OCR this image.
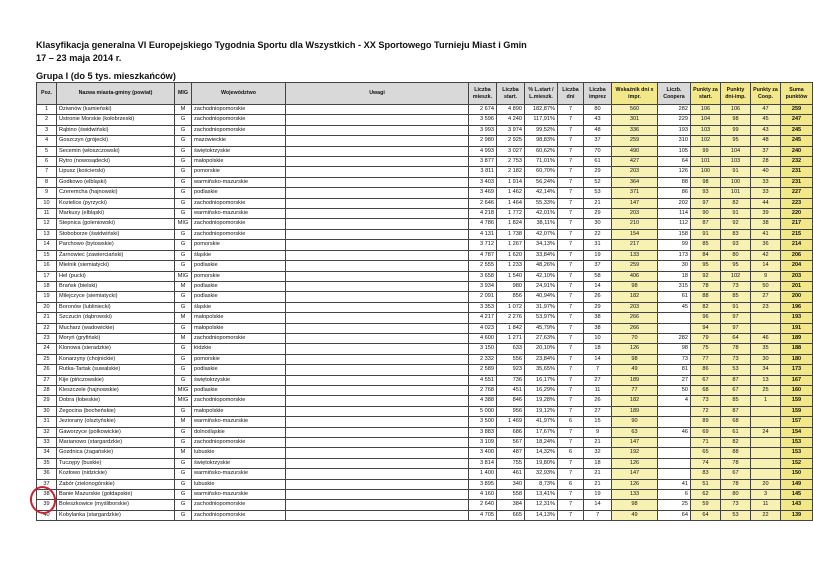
Klasyfikacja generalna VI Europejskiego Tygodnia Sportu dla Wszystkich - XX Sportowego Turnieju Miast i Gmin
17 – 23 maja 2014 r.
Grupa I (do 5 tys. mieszkańców)
Poz.	Nazwa miasta-gminy (powiat)	MIG	Województwo	Uwagi	Liczba mieszk.	Liczba start.	% L.start / L.mieszk.	Liczba dni	Liczba imprez	Wskaźnik dni x impr.	Liczb. Coopera	Punkty za start.	Punkty dni-imp.	Punkty za Coop.	Suma punktów
1	Dziwnów (kamieński)	M	zachodniopomorskie		2 674	4 890	182,87%	7	80	560	282	106	106	47	259
2	Ustronie Morskie (kołobrzeski)	G	zachodniopomorskie		3 596	4 240	117,91%	7	43	301	229	104	98	45	247
3	Rąbino (świdwiński)	G	zachodniopomorskie		3 993	3 974	99,52%	7	48	336	193	103	99	43	245
4	Goszczyn (grójecki)	G	mazowieckie		2 980	2 925	98,83%	7	37	259	310	102	95	48	245
5	Secemin (włoszczowski)	G	świętokrzyskie		4 993	3 027	60,62%	7	70	490	105	99	104	37	240
6	Rytro (nowosądecki)	G	małopolskie		3 877	2 753	71,01%	7	61	427	64	101	103	28	232
7	Lipusz (kościerski)	G	pomorskie		3 811	2 182	60,70%	7	29	203	126	100	91	40	231
8	Godkowo (elbląski)	G	warmińsko-mazurskie		3 403	1 914	56,24%	7	52	364	88	98	100	33	231
9	Czeremcha (hajnowski)	G	podlaskie		3 469	1 462	42,14%	7	53	371	86	93	101	33	227
10	Kozielice (pyrzycki)	G	zachodniopomorskie		2 646	1 464	55,33%	7	21	147	202	97	82	44	223
11	Markusy (elbląski)	G	warmińsko-mazurskie		4 218	1 772	42,01%	7	29	203	114	90	91	39	220
12	Stepnica (goleniowski)	MIG	zachodniopomorskie		4 786	1 824	38,11%	7	30	210	112	87	92	38	217
13	Stoboborze (świdwiński)	G	zachodniopomorskie		4 131	1 738	42,07%	7	22	154	158	91	83	41	215
14	Parchowo (bytowskie)	G	pomorskie		3 712	1 267	34,13%	7	31	217	99	85	93	36	214
15	Żarnowiec (zawierciański)	G	śląskie		4 787	1 620	33,84%	7	19	133	173	84	80	42	206
16	Mielnik (siemiatycki)	G	podlaskie		2 555	1 233	48,26%	7	37	259	30	95	95	14	204
17	Hel (pucki)	MIG	pomorskie		3 658	1 540	42,10%	7	58	406	18	92	102	9	203
18	Brańsk (bielski)	M	podlaskie		3 934	980	24,91%	7	14	98	315	78	73	50	201
19	Milejczyce (siemiatycki)	G	podlaskie		2 091	856	40,94%	7	26	182	61	88	85	27	200
20	Boronów (lubliniecki)	G	śląskie		3 353	1 072	31,97%	7	29	203	45	82	91	23	196
21	Szczucin (dąbrowski)	M	małopolskie		4 217	2 276	53,97%	7	38	266		96	97		193
22	Mucharz (wadowickie)	G	małopolskie		4 023	1 842	45,79%	7	38	266		94	97		191
23	Moryń (gryfiński)	M	zachodniopomorskie		4 600	1 271	27,63%	7	10	70	282	79	64	46	189
24	Klonowa (sieradzkie)	G	łódzkie		3 150	633	20,10%	7	18	126	98	75	78	35	188
25	Konarzyny (chojnickie)	G	pomorskie		2 332	556	23,84%	7	14	98	73	77	73	30	180
26	Rutka-Tartak (suwalskie)	G	podlaskie		2 589	923	35,65%	7	7	49	81	86	53	34	173
27	Kije (pińczowskie)	G	świętokrzyskie		4 551	736	16,17%	7	27	189	27	67	87	13	167
28	Kleszczele (hajnowskie)	MIG	podlaskie		2 768	451	16,29%	7	11	77	50	68	67	25	160
29	Dobra (łobeskie)	MIG	zachodniopomorskie		4 388	846	19,28%	7	26	182	4	73	85	1	159
30	Zegocina (bocheńskie)	G	małopolskie		5 000	956	19,12%	7	27	189		72	87		159
31	Jeziorany (olsztyńskie)	M	warmińsko-mazurskie		3 500	1 469	41,97%	6	15	90		89	68		157
32	Gaworzyce (polkowickie)	G	dolnośląskie		3 883	686	17,67%	7	9	63	46	69	61	24	154
33	Marianowo (stargardzkie)	G	zachodniopomorskie		3 109	567	18,24%	7	21	147		71	82		153
34	Gozdnica (żagańskie)	M	lubuskie		3 400	487	14,32%	6	32	192		65	88		153
35	Tuczępy (buskie)	G	świętokrzyskie		3 814	755	19,80%	7	18	126		74	78		152
36	Kozłowo (nidzickie)	G	warmińsko-mazurskie		1 400	461	32,93%	7	21	147		83	67		150
37	Zabór (zielonogórskie)	G	lubuskie		3 895	340	8,73%	6	21	126	41	51	78	20	149
38	Banie Mazurskie (gołdapskie)	G	warmińsko-mazurskie		4 160	558	13,41%	7	19	133	6	62	80	3	145
39	Boleszkowice (myśliborskie)	G	zachodniopomorskie		2 640	384	12,31%	7	14	98	25	59	73	11	143
40	Kobylanka (stargardzkie)	G	zachodniopomorskie		4 705	665	14,13%	7	7	49	64	64	53	22	139
